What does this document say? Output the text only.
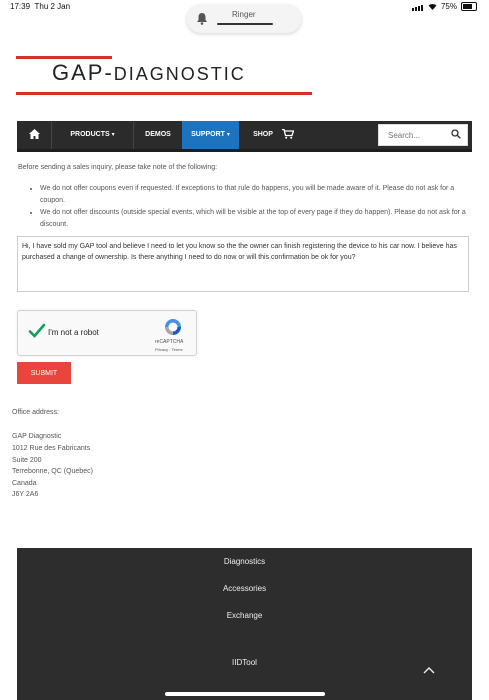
17:39 Thu 2 Jan	75%
Ringer
GAP-DIAGNOSTIC
PRODUCTS ▾	DEMOS	SUPPORT ▾	SHOP
Search...
Before sending a sales inquiry, please take note of the following:
• We do not offer coupons even if requested. If exceptions to that rule do happens, you will be made aware of it. Please do not ask for a coupon.
• We do not offer discounts (outside special events, which will be visible at the top of every page if they do happen). Please do not ask for a discount.
Hi, I have sold my GAP tool and believe I need to let you know so the the owner can finish registering the device to his car now. I believe has purchased a change of ownership. Is there anything I need to do now or will this confirmation be ok for you?
I'm not a robot
reCAPTCHA
Privacy - Terms
SUBMIT
Office address:
GAP Diagnostic
1012 Rue des Fabricants
Suite 200
Terrebonne, QC (Quebec)
Canada
J6Y 2A6
Diagnostics
Accessories
Exchange
IIDTool
